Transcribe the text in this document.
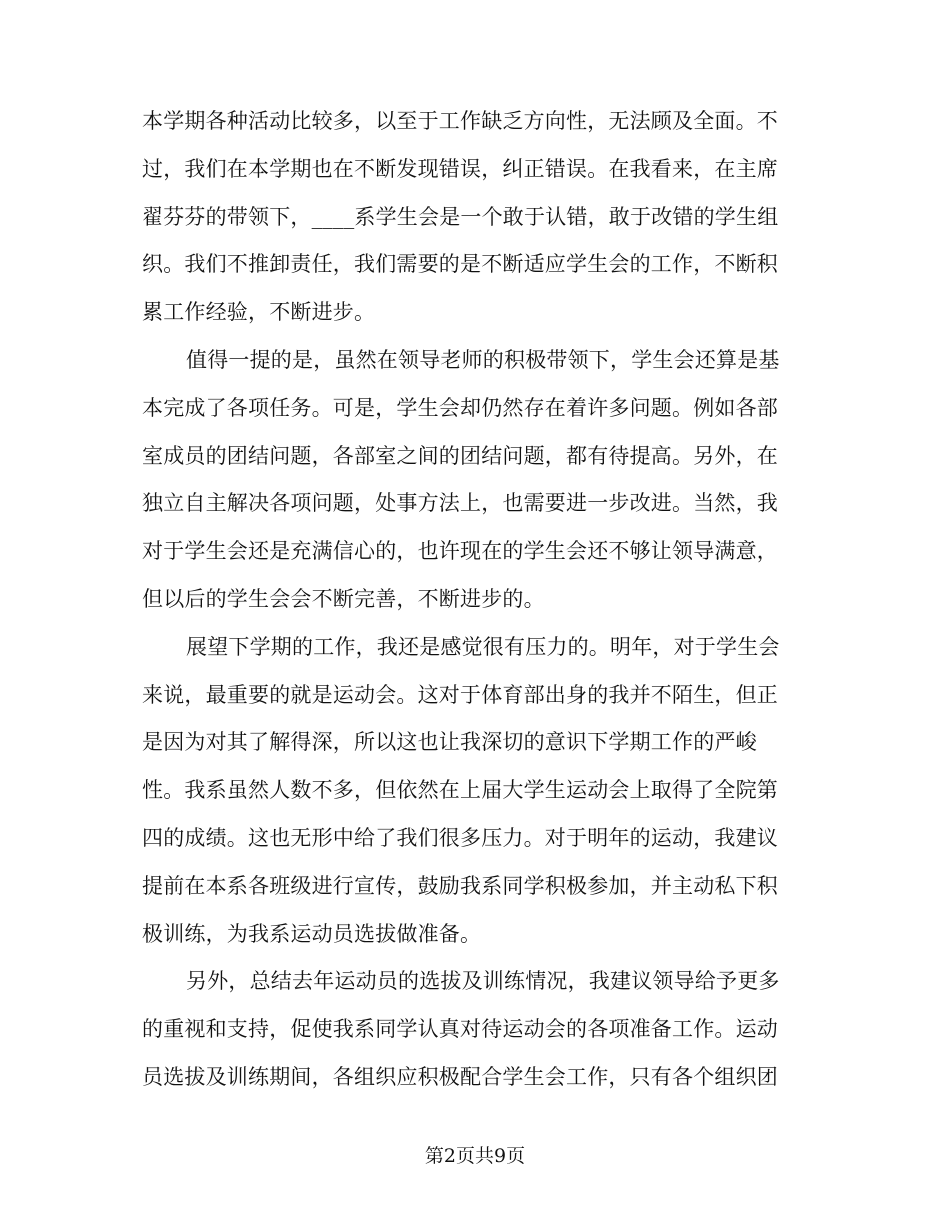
本学期各种活动比较多，以至于工作缺乏方向性，无法顾及全面。不
过，我们在本学期也在不断发现错误，纠正错误。在我看来，在主席
翟芬芬的带领下，____系学生会是一个敢于认错，敢于改错的学生组
织。我们不推卸责任，我们需要的是不断适应学生会的工作，不断积
累工作经验，不断进步。
值得一提的是，虽然在领导老师的积极带领下，学生会还算是基
本完成了各项任务。可是，学生会却仍然存在着许多问题。例如各部
室成员的团结问题，各部室之间的团结问题，都有待提高。另外，在
独立自主解决各项问题，处事方法上，也需要进一步改进。当然，我
对于学生会还是充满信心的，也许现在的学生会还不够让领导满意，
但以后的学生会会不断完善，不断进步的。
展望下学期的工作，我还是感觉很有压力的。明年，对于学生会
来说，最重要的就是运动会。这对于体育部出身的我并不陌生，但正
是因为对其了解得深，所以这也让我深切的意识下学期工作的严峻
性。我系虽然人数不多，但依然在上届大学生运动会上取得了全院第
四的成绩。这也无形中给了我们很多压力。对于明年的运动，我建议
提前在本系各班级进行宣传，鼓励我系同学积极参加，并主动私下积
极训练，为我系运动员选拔做准备。
另外，总结去年运动员的选拔及训练情况，我建议领导给予更多
的重视和支持，促使我系同学认真对待运动会的各项准备工作。运动
员选拔及训练期间，各组织应积极配合学生会工作，只有各个组织团
第2页共9页
